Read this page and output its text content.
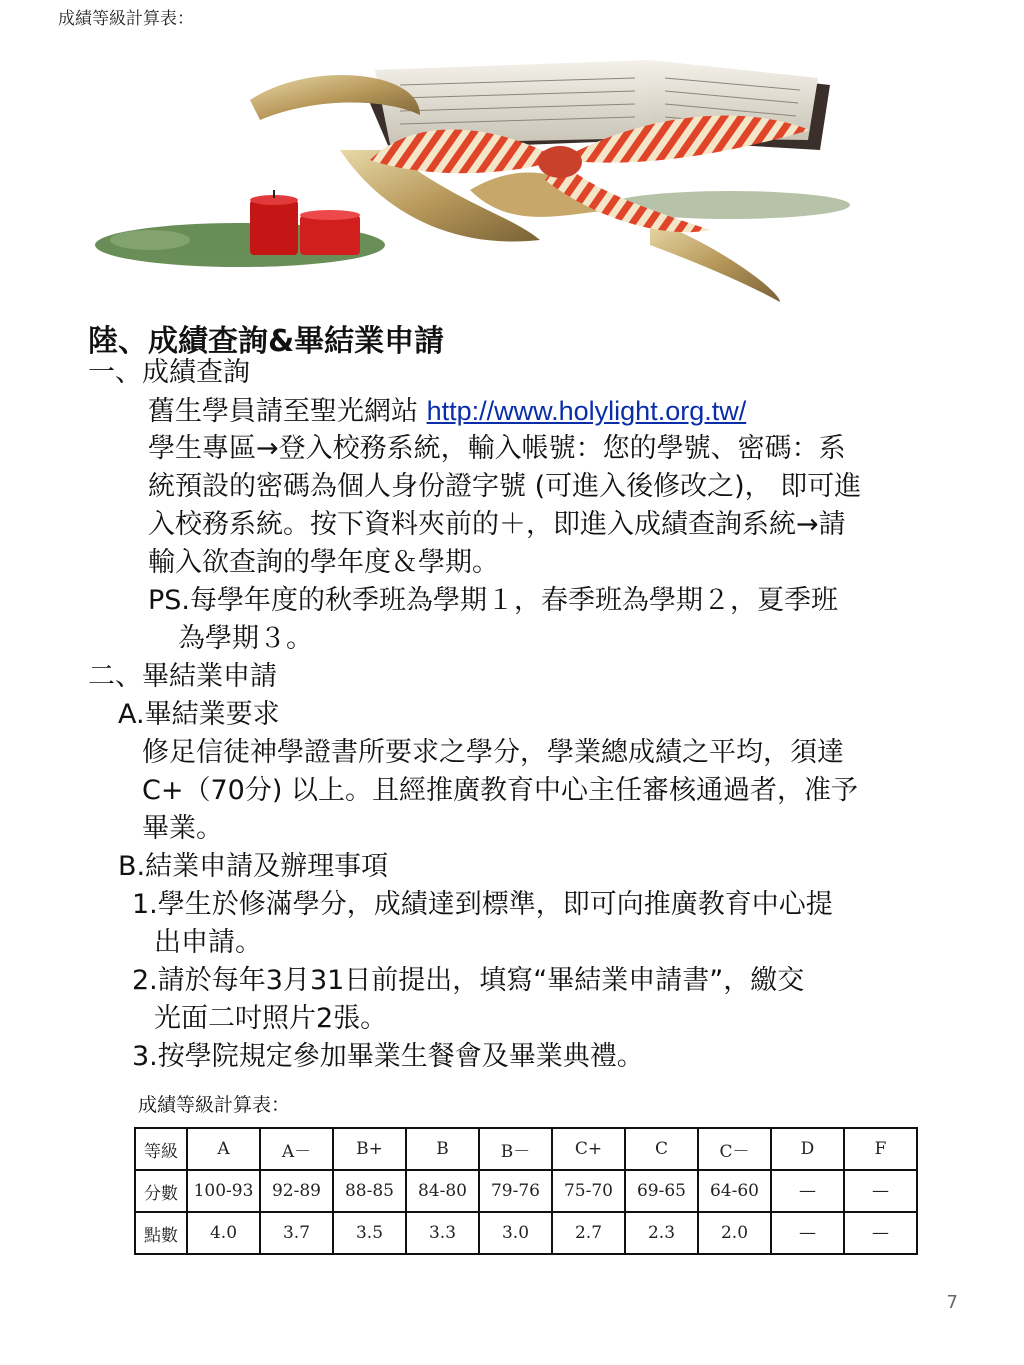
成績等級計算表：
陸、成績查詢&畢結業申請
一、成績查詢
舊生學員請至聖光網站 http://www.holylight.org.tw/
學生專區→登入校務系統，輸入帳號：您的學號、密碼：系
統預設的密碼為個人身份證字號 (可進入後修改之)， 即可進
入校務系統。按下資料夾前的＋，即進入成績查詢系統→請
輸入欲查詢的學年度＆學期。
PS.每學年度的秋季班為學期１，春季班為學期２，夏季班
為學期３。
二、畢結業申請
A.畢結業要求
修足信徒神學證書所要求之學分，學業總成績之平均，須達
C+（70分) 以上。且經推廣教育中心主任審核通過者，准予
畢業。
B.結業申請及辦理事項
1.學生於修滿學分，成績達到標準，即可向推廣教育中心提
出申請。
2.請於每年3月31日前提出，填寫“畢結業申請書”，繳交
光面二吋照片2張。
3.按學院規定參加畢業生餐會及畢業典禮。
成績等級計算表：
等級	A	A－	B+	B	B－	C+	C	C－	D	F
分數	100-93	92-89	88-85	84-80	79-76	75-70	69-65	64-60	—	—
點數	4.0	3.7	3.5	3.3	3.0	2.7	2.3	2.0	—	—
7
